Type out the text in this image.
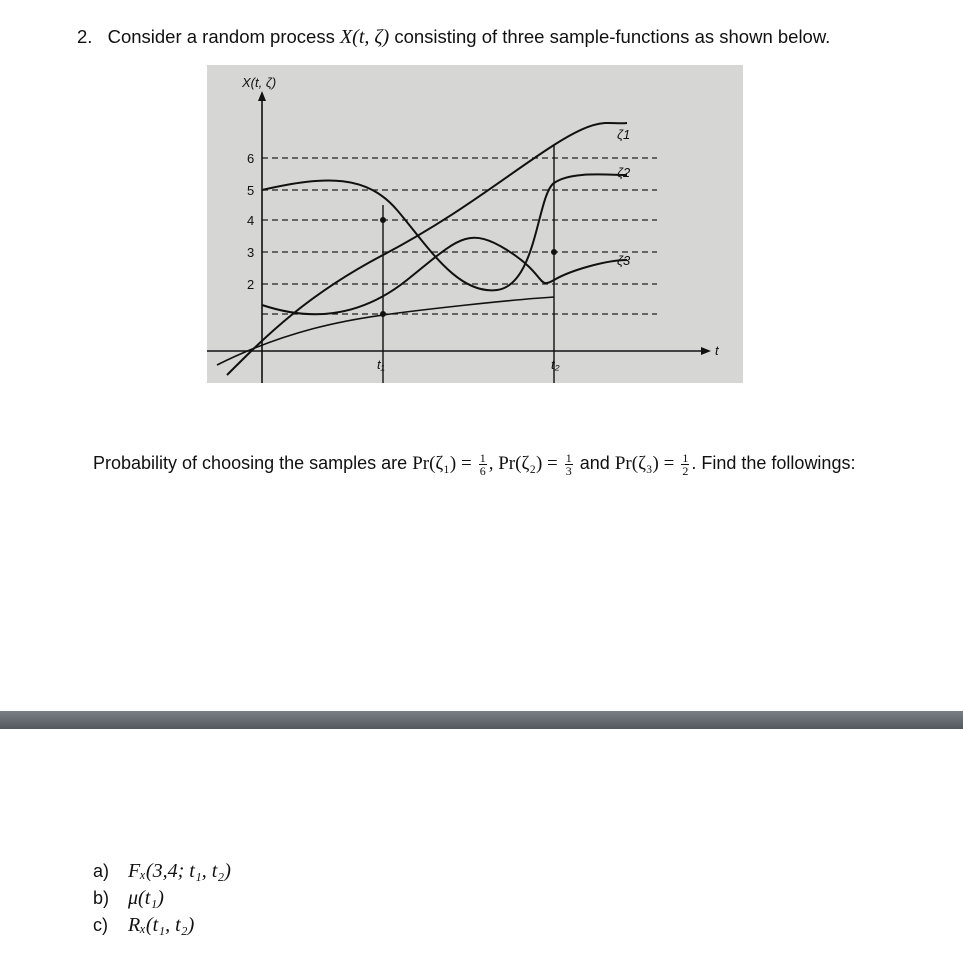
2. Consider a random process X(t, ζ) consisting of three sample-functions as shown below.
6
5
4
3
2
X(t, ζ)
t
t₁	t₂
ζ1
ζ2
ζ3
Probability of choosing the samples are $Pr(\zeta_1) = \frac{1}{6}$ , $Pr(\zeta_2) = \frac{1}{3}$ and $Pr(\zeta_3) = \frac{1}{2}$ . Find the followings:
a) Fₓ(3,4; t₁, t₂)
b) μ(t₁)
c) Rₓ(t₁, t₂)
